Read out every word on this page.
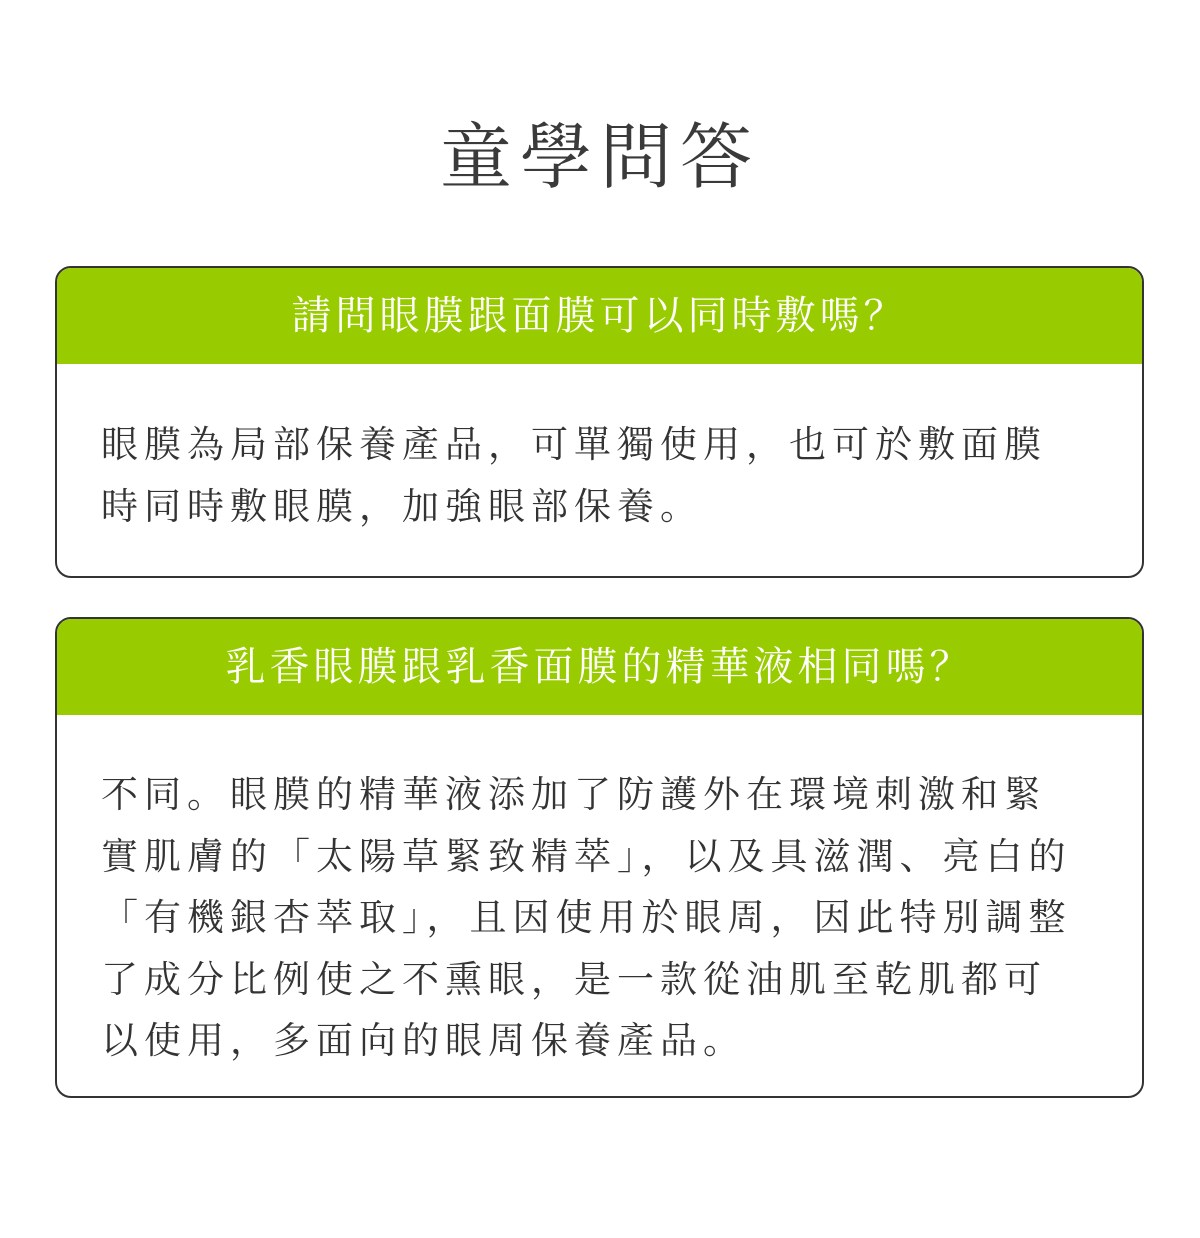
童學問答
請問眼膜跟面膜可以同時敷嗎？
眼膜為局部保養產品，可單獨使用，也可於敷面膜
時同時敷眼膜，加強眼部保養。
乳香眼膜跟乳香面膜的精華液相同嗎？
不同。眼膜的精華液添加了防護外在環境刺激和緊
實肌膚的「太陽草緊致精萃」，以及具滋潤、亮白的
「有機銀杏萃取」，且因使用於眼周，因此特別調整
了成分比例使之不熏眼，是一款從油肌至乾肌都可
以使用，多面向的眼周保養產品。
